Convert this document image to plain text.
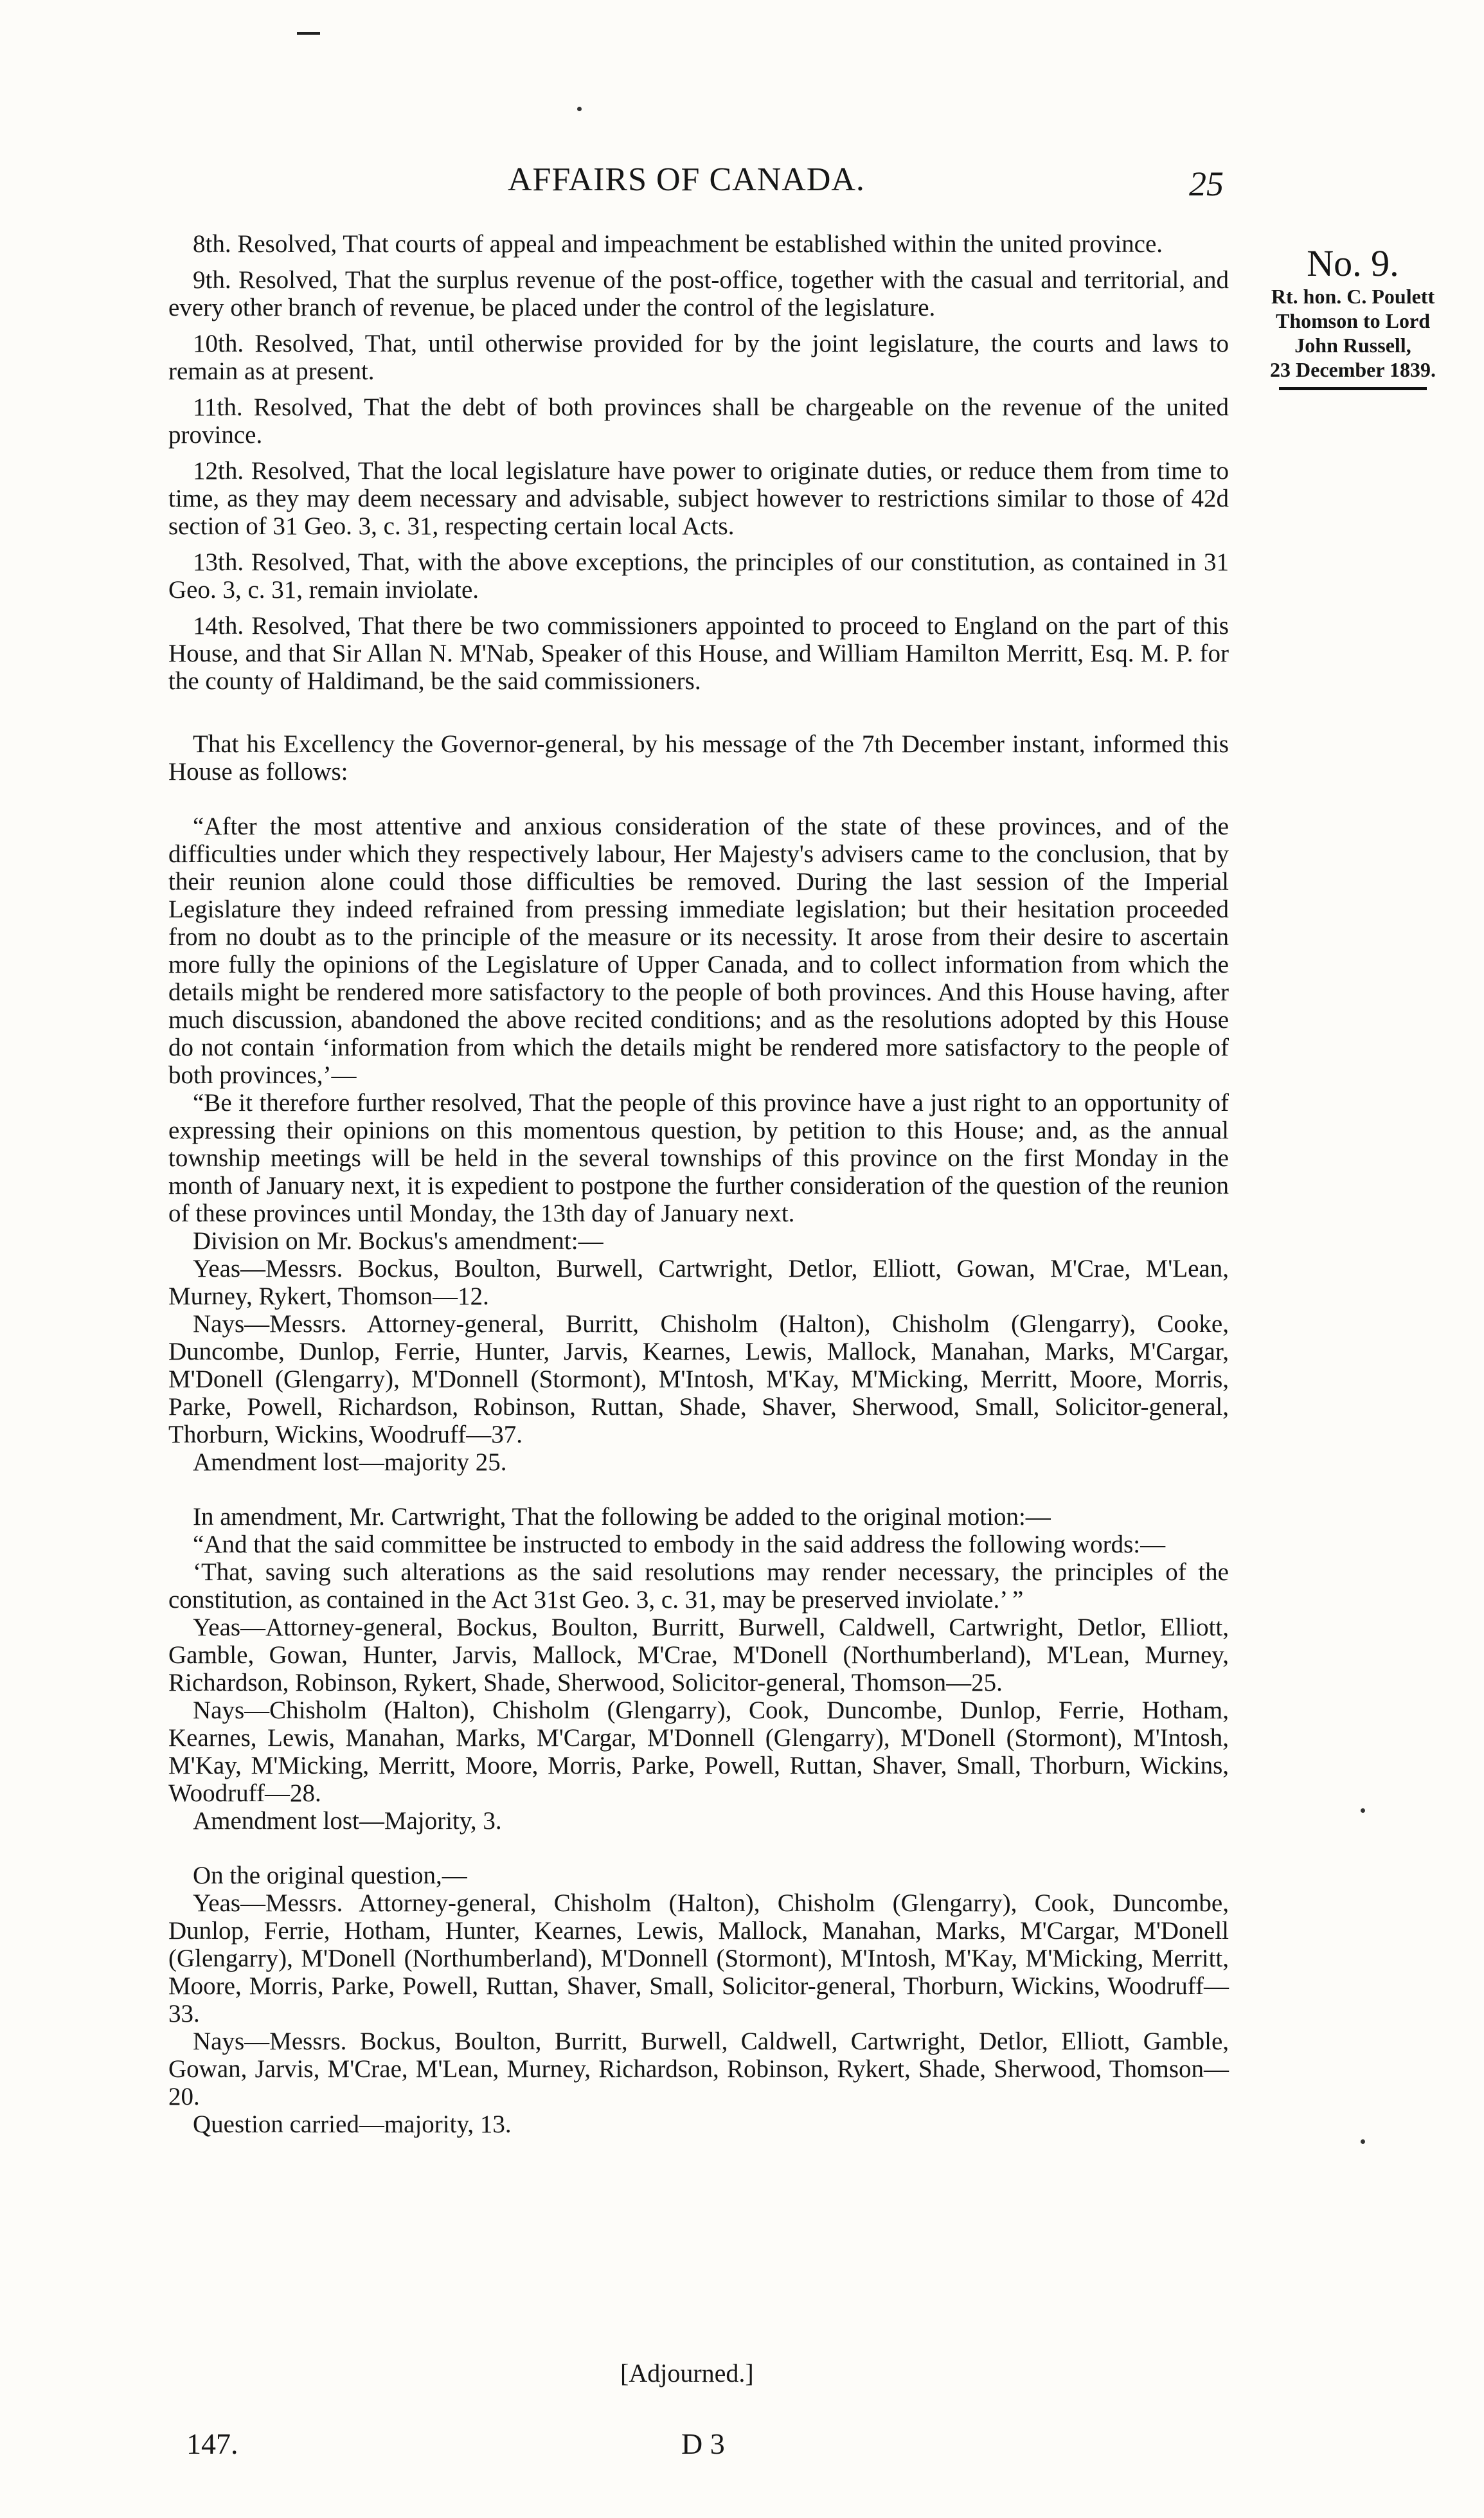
AFFAIRS OF CANADA.	25
No. 9.
Rt. hon. C. Poulett
Thomson to Lord
John Russell,
23 December 1839.

8th. Resolved, That courts of appeal and impeachment be established within the united province.

9th. Resolved, That the surplus revenue of the post-office, together with the casual and territorial, and every other branch of revenue, be placed under the control of the legislature.

10th. Resolved, That, until otherwise provided for by the joint legislature, the courts and laws to remain as at present.

11th. Resolved, That the debt of both provinces shall be chargeable on the revenue of the united province.

12th. Resolved, That the local legislature have power to originate duties, or reduce them from time to time, as they may deem necessary and advisable, subject however to restrictions similar to those of 42d section of 31 Geo. 3, c. 31, respecting certain local Acts.

13th. Resolved, That, with the above exceptions, the principles of our constitution, as contained in 31 Geo. 3, c. 31, remain inviolate.

14th. Resolved, That there be two commissioners appointed to proceed to England on the part of this House, and that Sir Allan N. M'Nab, Speaker of this House, and William Hamilton Merritt, Esq. M. P. for the county of Haldimand, be the said commissioners.

That his Excellency the Governor-general, by his message of the 7th December instant, informed this House as follows:

“After the most attentive and anxious consideration of the state of these provinces, and of the difficulties under which they respectively labour, Her Majesty's advisers came to the conclusion, that by their reunion alone could those difficulties be removed. During the last session of the Imperial Legislature they indeed refrained from pressing immediate legislation; but their hesitation proceeded from no doubt as to the principle of the measure or its necessity. It arose from their desire to ascertain more fully the opinions of the Legislature of Upper Canada, and to collect information from which the details might be rendered more satisfactory to the people of both provinces. And this House having, after much discussion, abandoned the above recited conditions; and as the resolutions adopted by this House do not contain ‘information from which the details might be rendered more satisfactory to the people of both provinces,’—

“Be it therefore further resolved, That the people of this province have a just right to an opportunity of expressing their opinions on this momentous question, by petition to this House; and, as the annual township meetings will be held in the several townships of this province on the first Monday in the month of January next, it is expedient to postpone the further consideration of the question of the reunion of these provinces until Monday, the 13th day of January next.

Division on Mr. Bockus's amendment:—

Yeas—Messrs. Bockus, Boulton, Burwell, Cartwright, Detlor, Elliott, Gowan, M'Crae, M'Lean, Murney, Rykert, Thomson—12.

Nays—Messrs. Attorney-general, Burritt, Chisholm (Halton), Chisholm (Glengarry), Cooke, Duncombe, Dunlop, Ferrie, Hunter, Jarvis, Kearnes, Lewis, Mallock, Manahan, Marks, M'Cargar, M'Donell (Glengarry), M'Donnell (Stormont), M'Intosh, M'Kay, M'Micking, Merritt, Moore, Morris, Parke, Powell, Richardson, Robinson, Ruttan, Shade, Shaver, Sherwood, Small, Solicitor-general, Thorburn, Wickins, Woodruff—37.

Amendment lost—majority 25.

In amendment, Mr. Cartwright, That the following be added to the original motion:—

“And that the said committee be instructed to embody in the said address the following words:—

‘That, saving such alterations as the said resolutions may render necessary, the principles of the constitution, as contained in the Act 31st Geo. 3, c. 31, may be preserved inviolate.’ ”

Yeas—Attorney-general, Bockus, Boulton, Burritt, Burwell, Caldwell, Cartwright, Detlor, Elliott, Gamble, Gowan, Hunter, Jarvis, Mallock, M'Crae, M'Donell (Northumberland), M'Lean, Murney, Richardson, Robinson, Rykert, Shade, Sherwood, Solicitor-general, Thomson—25.

Nays—Chisholm (Halton), Chisholm (Glengarry), Cook, Duncombe, Dunlop, Ferrie, Hotham, Kearnes, Lewis, Manahan, Marks, M'Cargar, M'Donnell (Glengarry), M'Donell (Stormont), M'Intosh, M'Kay, M'Micking, Merritt, Moore, Morris, Parke, Powell, Ruttan, Shaver, Small, Thorburn, Wickins, Woodruff—28.

Amendment lost—Majority, 3.

On the original question,—

Yeas—Messrs. Attorney-general, Chisholm (Halton), Chisholm (Glengarry), Cook, Duncombe, Dunlop, Ferrie, Hotham, Hunter, Kearnes, Lewis, Mallock, Manahan, Marks, M'Cargar, M'Donell (Glengarry), M'Donell (Northumberland), M'Donnell (Stormont), M'Intosh, M'Kay, M'Micking, Merritt, Moore, Morris, Parke, Powell, Ruttan, Shaver, Small, Solicitor-general, Thorburn, Wickins, Woodruff—33.

Nays—Messrs. Bockus, Boulton, Burritt, Burwell, Caldwell, Cartwright, Detlor, Elliott, Gamble, Gowan, Jarvis, M'Crae, M'Lean, Murney, Richardson, Robinson, Rykert, Shade, Sherwood, Thomson—20.

Question carried—majority, 13.

[Adjourned.]
147.	D 3
